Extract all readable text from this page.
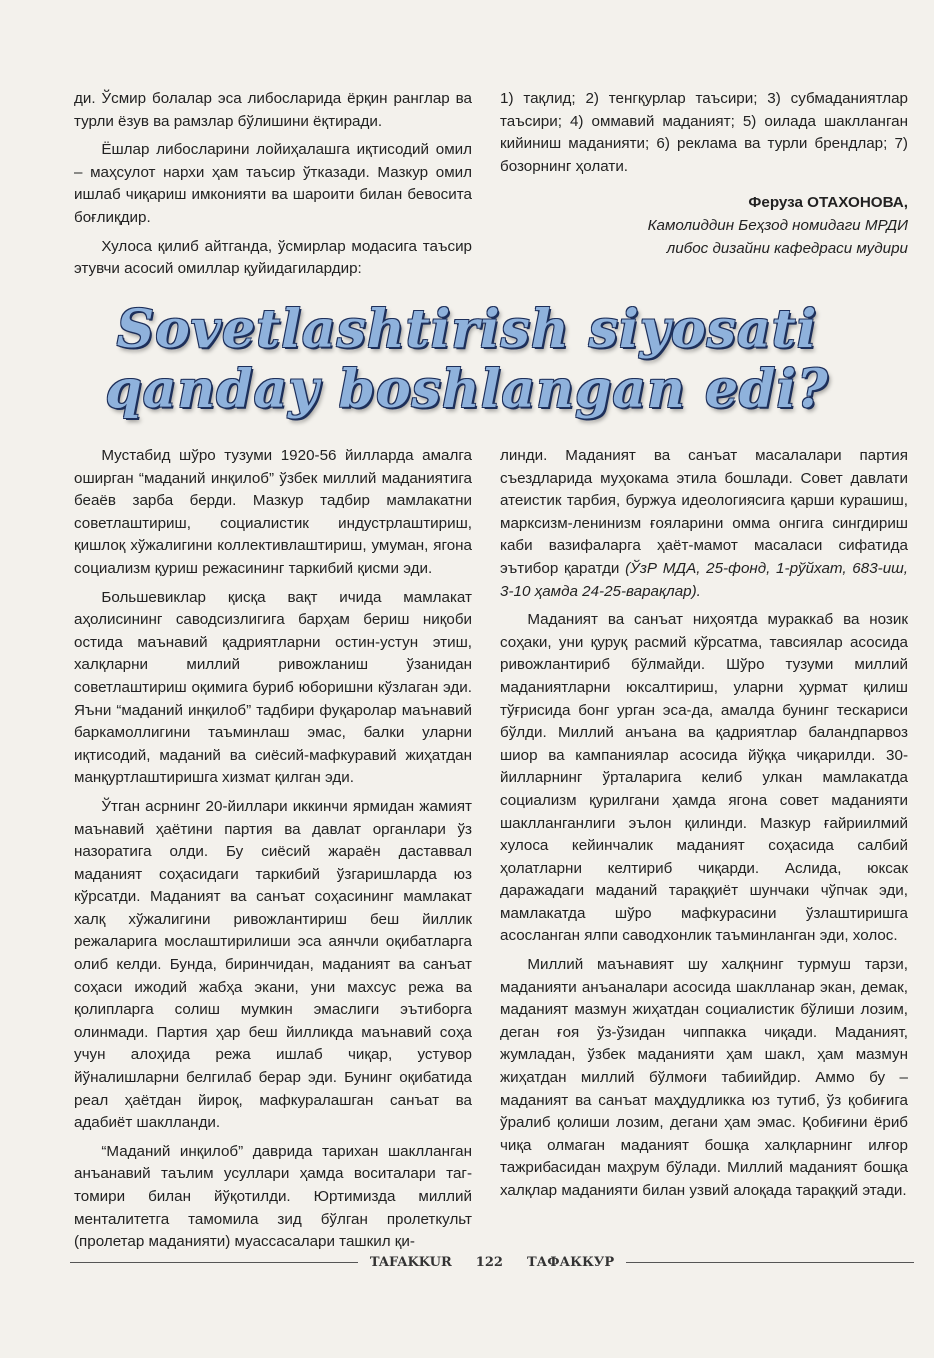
ди. Ўсмир болалар эса либосларида ёрқин ранглар ва турли ёзув ва рамзлар бўлишини ёқтиради.

Ёшлар либосларини лойиҳалашга иқтисодий омил – маҳсулот нархи ҳам таъсир ўтказади. Мазкур омил ишлаб чиқариш имконияти ва шароити билан бевосита боғлиқдир.

Хулоса қилиб айтганда, ўсмирлар модасига таъсир этувчи асосий омиллар қуйидагилардир:

1) тақлид; 2) тенгқурлар таъсири; 3) субмаданиятлар таъсири; 4) оммавий маданият; 5) оилада шаклланган кийиниш маданияти; 6) реклама ва турли брендлар; 7) бозорнинг ҳолати.

Феруза ОТАХОНОВА,
Камолиддин Беҳзод номидаги МРДИ
либос дизайни кафедраси мудири
Sovetlashtirish siyosati
qanday boshlangan edi?

Мустабид шўро тузуми 1920-56 йилларда амалга оширган “маданий инқилоб” ўзбек миллий маданиятига беаёв зарба берди. Мазкур тадбир мамлакатни советлаштириш, социалистик индустрлаштириш, қишлоқ хўжалигини коллективлаштириш, умуман, ягона социализм қуриш режасининг таркибий қисми эди.

Большевиклар қисқа вақт ичида мамлакат аҳолисининг саводсизлигига барҳам бериш ниқоби остида маънавий қадриятларни остин-устун этиш, халқларни миллий ривожланиш ўзанидан советлаштириш оқимига буриб юборишни кўзлаган эди. Яъни “маданий инқилоб” тадбири фуқаролар маънавий баркамоллигини таъминлаш эмас, балки уларни иқтисодий, маданий ва сиёсий-мафкуравий жиҳатдан манқуртлаштиришга хизмат қилган эди.

Ўтган асрнинг 20-йиллари иккинчи ярмидан жамият маънавий ҳаётини партия ва давлат органлари ўз назоратига олди. Бу сиёсий жараён даставвал маданият соҳасидаги таркибий ўзгаришларда юз кўрсатди. Маданият ва санъат соҳасининг мамлакат халқ хўжалигини ривожлантириш беш йиллик режаларига мослаштирилиши эса аянчли оқибатларга олиб келди. Бунда, биринчидан, маданият ва санъат соҳаси ижодий жабҳа экани, уни махсус режа ва қолипларга солиш мумкин эмаслиги эътиборга олинмади. Партия ҳар беш йилликда маънавий соҳа учун алоҳида режа ишлаб чиқар, устувор йўналишларни белгилаб берар эди. Бунинг оқибатида реал ҳаётдан йироқ, мафкуралашган санъат ва адабиёт шаклланди.

“Маданий инқилоб” даврида тарихан шаклланган анъанавий таълим усуллари ҳамда воситалари таг-томири билан йўқотилди. Юртимизда миллий менталитетга тамомила зид бўлган пролеткульт (пролетар маданияти) муассасалари ташкил қи-

линди. Маданият ва санъат масалалари партия съездларида муҳокама этила бошлади. Совет давлати атеистик тарбия, буржуа идеологиясига қарши курашиш, марксизм-ленинизм ғояларини омма онгига сингдириш каби вазифаларга ҳаёт-мамот масаласи сифатида эътибор қаратди (ЎзР МДА, 25-фонд, 1-рўйхат, 683-иш, 3-10 ҳамда 24-25-варақлар).

Маданият ва санъат ниҳоятда мураккаб ва нозик соҳаки, уни қуруқ расмий кўрсатма, тавсиялар асосида ривожлантириб бўлмайди. Шўро тузуми миллий маданиятларни юксалтириш, уларни ҳурмат қилиш тўғрисида бонг урган эса-да, амалда бунинг тескариси бўлди. Миллий анъана ва қадриятлар баландпарвоз шиор ва кампаниялар асосида йўққа чиқарилди. 30-йилларнинг ўрталарига келиб улкан мамлакатда социализм қурилгани ҳамда ягона совет маданияти шаклланганлиги эълон қилинди. Мазкур ғайриилмий хулоса кейинчалик маданият соҳасида салбий ҳолатларни келтириб чиқарди. Аслида, юксак даражадаги маданий тараққиёт шунчаки чўпчак эди, мамлакатда шўро мафкурасини ўзлаштиришга асосланган ялпи саводхонлик таъминланган эди, холос.

Миллий маънавият шу халқнинг турмуш тарзи, маданияти анъаналари асосида шаклланар экан, демак, маданият мазмун жиҳатдан социалистик бўлиши лозим, деган ғоя ўз-ўзидан чиппакка чиқади. Маданият, жумладан, ўзбек маданияти ҳам шакл, ҳам мазмун жиҳатдан миллий бўлмоғи табиийдир. Аммо бу – маданият ва санъат маҳдудликка юз тутиб, ўз қобиғига ўралиб қолиши лозим, дегани ҳам эмас. Қобиғини ёриб чиқа олмаган маданият бошқа халқларнинг илғор тажрибасидан маҳрум бўлади. Миллий маданият бошқа халқлар маданияти билан узвий алоқада тараққий этади.

TAFAKKUR	122	ТАФАККУР
